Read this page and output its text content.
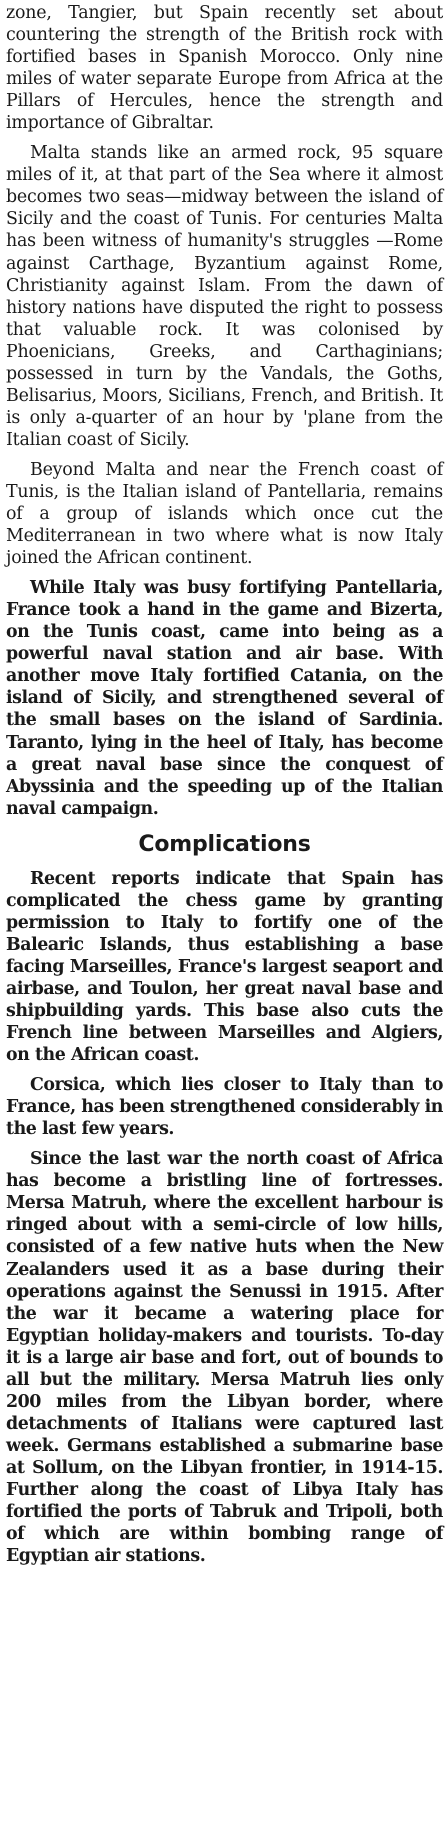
zone, Tangier, but Spain recently set about countering the strength of the British rock with fortified bases in Spanish Morocco. Only nine miles of water separate Europe from Africa at the Pillars of Hercules, hence the strength and importance of Gibraltar.

Malta stands like an armed rock, 95 square miles of it, at that part of the Sea where it almost becomes two seas—midway between the island of Sicily and the coast of Tunis. For centuries Malta has been witness of humanity's struggles —Rome against Carthage, Byzantium against Rome, Christianity against Islam. From the dawn of history nations have disputed the right to possess that valuable rock. It was colonised by Phoenicians, Greeks, and Carthaginians; possessed in turn by the Vandals, the Goths, Belisarius, Moors, Sicilians, French, and British. It is only a-quarter of an hour by 'plane from the Italian coast of Sicily.

Beyond Malta and near the French coast of Tunis, is the Italian island of Pantellaria, remains of a group of islands which once cut the Mediterranean in two where what is now Italy joined the African continent.

While Italy was busy fortifying Pantellaria, France took a hand in the game and Bizerta, on the Tunis coast, came into being as a powerful naval station and air base. With another move Italy fortified Catania, on the island of Sicily, and strengthened several of the small bases on the island of Sardinia. Taranto, lying in the heel of Italy, has become a great naval base since the conquest of Abyssinia and the speeding up of the Italian naval campaign.

Complications

Recent reports indicate that Spain has complicated the chess game by granting permission to Italy to fortify one of the Balearic Islands, thus establishing a base facing Marseilles, France's largest seaport and airbase, and Toulon, her great naval base and shipbuilding yards. This base also cuts the French line between Marseilles and Algiers, on the African coast.

Corsica, which lies closer to Italy than to France, has been strengthened considerably in the last few years.

Since the last war the north coast of Africa has become a bristling line of fortresses. Mersa Matruh, where the excellent harbour is ringed about with a semi-circle of low hills, consisted of a few native huts when the New Zealanders used it as a base during their operations against the Senussi in 1915. After the war it became a watering place for Egyptian holiday-makers and tourists. To-day it is a large air base and fort, out of bounds to all but the military. Mersa Matruh lies only 200 miles from the Libyan border, where detachments of Italians were captured last week. Germans established a submarine base at Sollum, on the Libyan frontier, in 1914-15. Further along the coast of Libya Italy has fortified the ports of Tabruk and Tripoli, both of which are within bombing range of Egyptian air stations.
